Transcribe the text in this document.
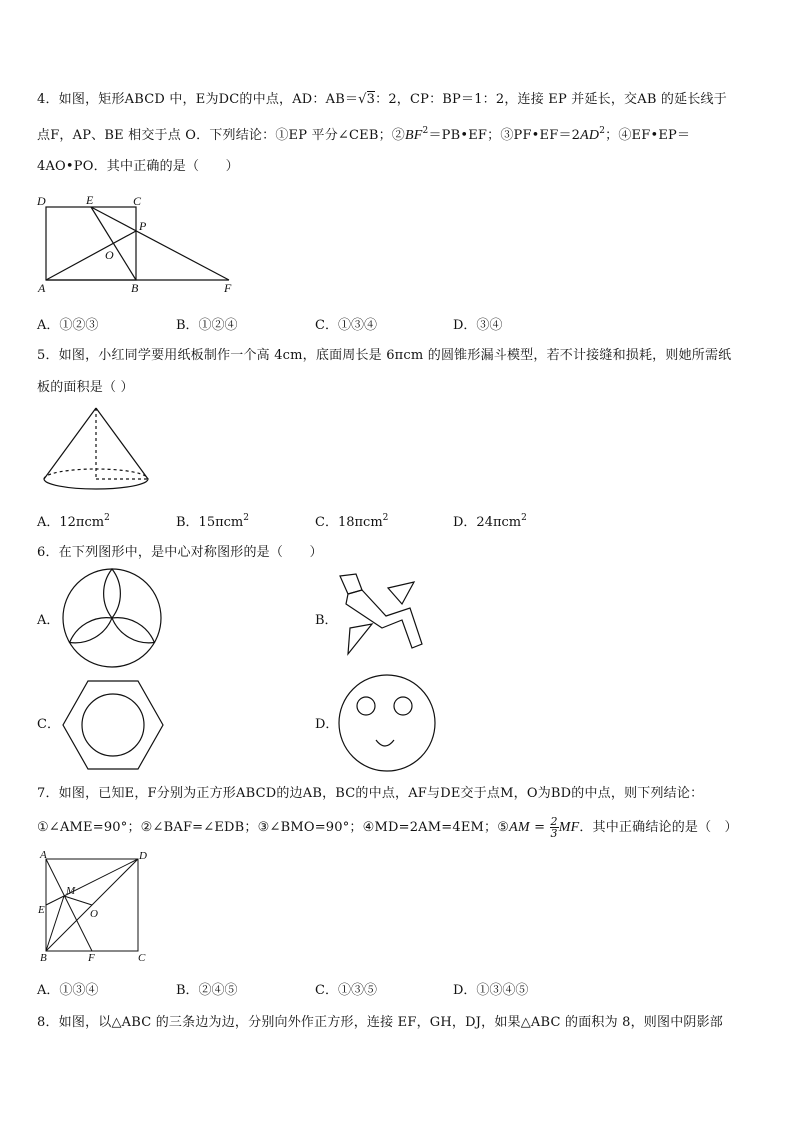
4．如图，矩形ABCD 中，E为DC的中点，AD：AB＝√3：2，CP：BP＝1：2，连接 EP 并延长，交AB 的延长线于
点F，AP、BE 相交于点 O．下列结论：①EP 平分∠CEB；$②BF^2=PB•EF$；$③PF•EF=2AD^2$；④EF•EP＝
4AO•PO．其中正确的是（　　）
D	E	C
P
O
A	B	F
A．①②③	B．①②④	C．①③④	D．③④
5．如图，小红同学要用纸板制作一个高 4cm，底面周长是 6πcm 的圆锥形漏斗模型，若不计接缝和损耗，则她所需纸
板的面积是（ ）
A．12πcm$^2$	B．15πcm$^2$	C．18πcm$^2$	D．24πcm$^2$
6．在下列图形中，是中心对称图形的是（　　）
A．	B．
C．	D．
7．如图，已知E，F分别为正方形ABCD的边AB，BC的中点，AF与DE交于点M，O为BD的中点，则下列结论：
①∠AME=90°；②∠BAF=∠EDB；③∠BMO=90°；④MD=2AM=4EM；⑤AM = $\frac{2}{3}$ MF．其中正确结论的是（　）
A	D
M
E	O
B	F	C
A．①③④	B．②④⑤	C．①③⑤	D．①③④⑤
8．如图，以△ABC 的三条边为边，分别向外作正方形，连接 EF，GH，DJ，如果△ABC 的面积为 8，则图中阴影部
